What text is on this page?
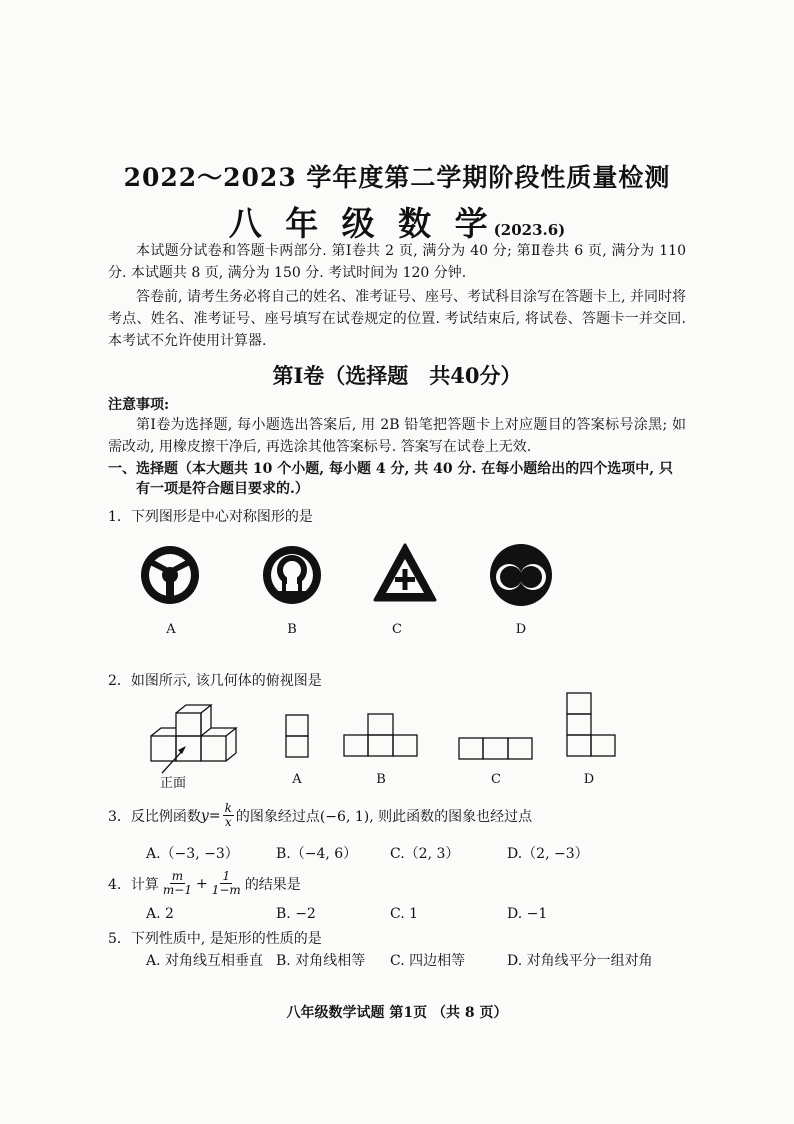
2022～2023 学年度第二学期阶段性质量检测
八 年 级 数 学(2023.6)
本试题分试卷和答题卡两部分. 第Ⅰ卷共 2 页, 满分为 40 分; 第Ⅱ卷共 6 页, 满分为 110分. 本试题共 8 页, 满分为 150 分. 考试时间为 120 分钟.
答卷前, 请考生务必将自己的姓名、准考证号、座号、考试科目涂写在答题卡上, 并同时将考点、姓名、准考证号、座号填写在试卷规定的位置. 考试结束后, 将试卷、答题卡一并交回. 本考试不允许使用计算器.
第Ⅰ卷（选择题　共40分）
注意事项:
第Ⅰ卷为选择题, 每小题选出答案后, 用 2B 铅笔把答题卡上对应题目的答案标号涂黑; 如需改动, 用橡皮擦干净后, 再选涂其他答案标号. 答案写在试卷上无效.
一、选择题（本大题共 10 个小题, 每小题 4 分, 共 40 分. 在每小题给出的四个选项中, 只
有一项是符合题目要求的.）
1．下列图形是中心对称图形的是
A	B	C	D
2．如图所示, 该几何体的俯视图是
正面	A	B	C	D
3． 反比例函数 $y= \frac{k}{x}$ 的图象经过点(−6, 1), 则此函数的图象也经过点
A.（−3, −3）	B.（−4, 6） C.（2, 3）	D.（2, −3）
4． 计算 $\frac{m}{m-1} + \frac{1}{1-m}$ 的结果是
A. 2	B. −2	C. 1	D. −1
5．下列性质中, 是矩形的性质的是
A. 对角线互相垂直 B. 对角线相等 C. 四边相等	D. 对角线平分一组对角
八年级数学试题 第1页 （共 8 页）
